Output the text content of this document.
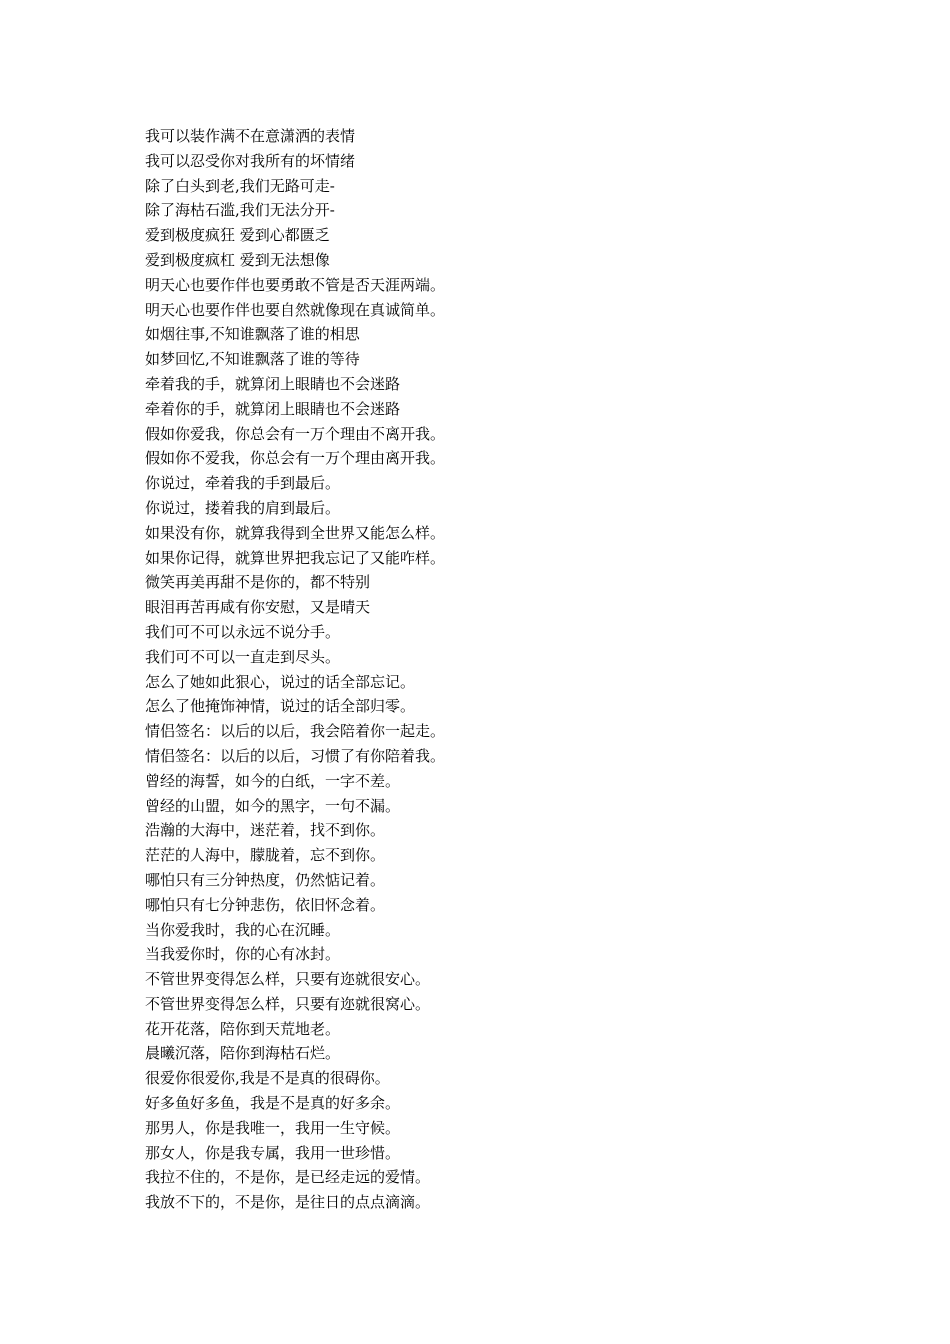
我可以装作满不在意潇洒的表情
我可以忍受你对我所有的坏情绪
除了白头到老,我们无路可走-
除了海枯石滥,我们无法分开-
爱到极度疯狂 爱到心都匮乏
爱到极度疯杠 爱到无法想像
明天心也要作伴也要勇敢不管是否天涯两端。
明天心也要作伴也要自然就像现在真诚简单。
如烟往事,不知谁飘落了谁的相思
如梦回忆,不知谁飘落了谁的等待
牵着我的手，就算闭上眼睛也不会迷路
牵着你的手，就算闭上眼睛也不会迷路
假如你爱我，你总会有一万个理由不离开我。
假如你不爱我，你总会有一万个理由离开我。
你说过，牵着我的手到最后。
你说过，搂着我的肩到最后。
如果没有你，就算我得到全世界又能怎么样。
如果你记得，就算世界把我忘记了又能咋样。
微笑再美再甜不是你的，都不特别
眼泪再苦再咸有你安慰，又是晴天
我们可不可以永远不说分手。
我们可不可以一直走到尽头。
怎么了她如此狠心，说过的话全部忘记。
怎么了他掩饰神情，说过的话全部归零。
情侣签名：以后的以后，我会陪着你一起走。
情侣签名：以后的以后，习惯了有你陪着我。
曾经的海誓，如今的白纸，一字不差。
曾经的山盟，如今的黑字，一句不漏。
浩瀚的大海中，迷茫着，找不到你。
茫茫的人海中，朦胧着，忘不到你。
哪怕只有三分钟热度，仍然惦记着。
哪怕只有七分钟悲伤，依旧怀念着。
当你爱我时，我的心在沉睡。
当我爱你时，你的心有冰封。
不管世界变得怎么样，只要有迩就很安心。
不管世界变得怎么样，只要有迩就很窝心。
花开花落，陪你到天荒地老。
晨曦沉落，陪你到海枯石烂。
很爱你很爱你,我是不是真的很碍你。
好多鱼好多鱼，我是不是真的好多余。
那男人，你是我唯一，我用一生守候。
那女人，你是我专属，我用一世珍惜。
我拉不住的，不是你，是已经走远的爱情。
我放不下的，不是你，是往日的点点滴滴。
